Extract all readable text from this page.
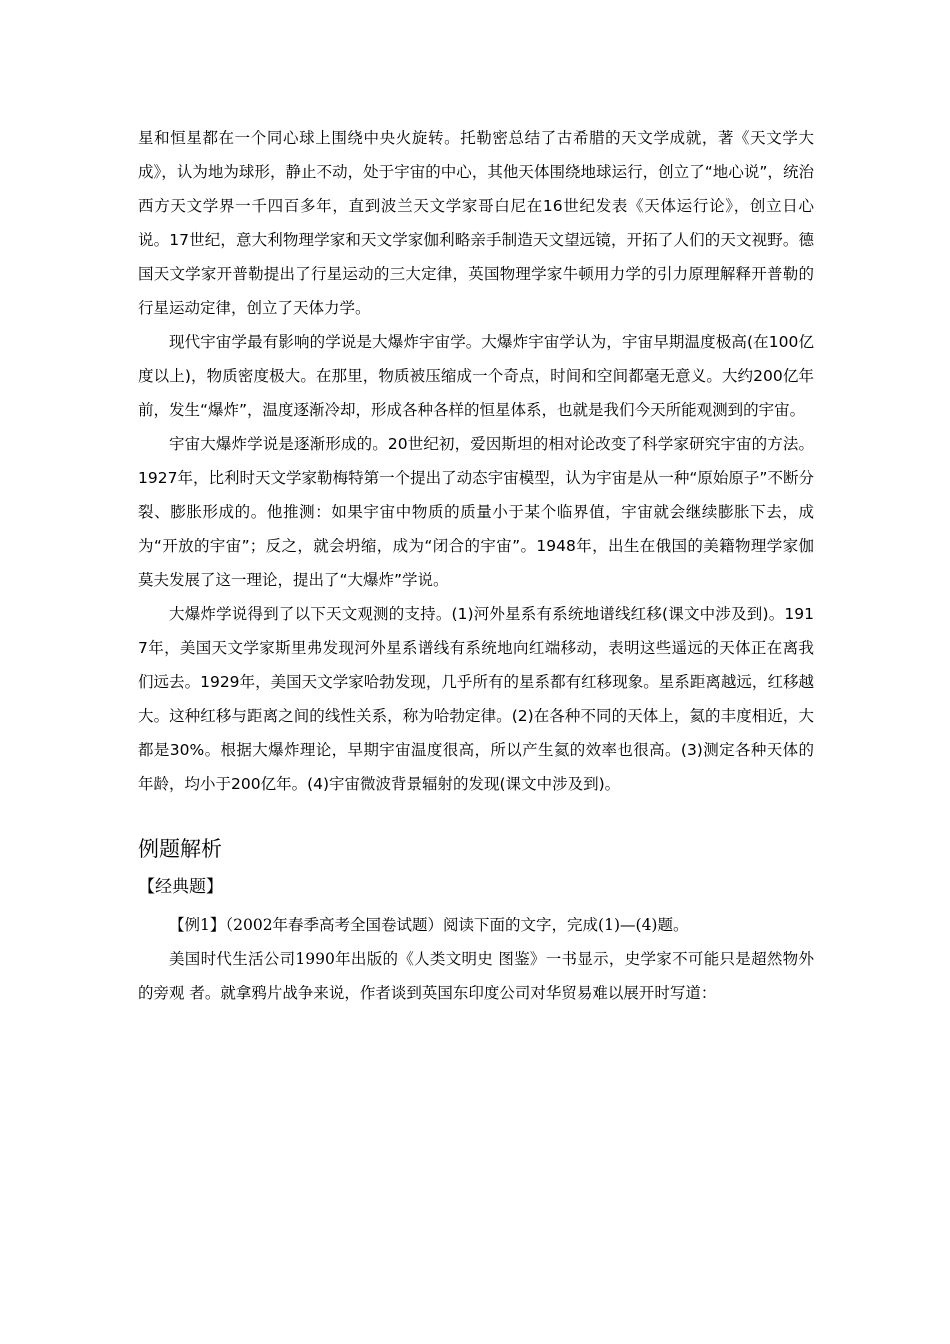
星和恒星都在一个同心球上围绕中央火旋转。托勒密总结了古希腊的天文学成就，著《天文学大成》，认为地为球形，静止不动，处于宇宙的中心，其他天体围绕地球运行，创立了“地心说”，统治西方天文学界一千四百多年，直到波兰天文学家哥白尼在16世纪发表《天体运行论》，创立日心说。17世纪，意大利物理学家和天文学家伽利略亲手制造天文望远镜，开拓了人们的天文视野。德国天文学家开普勒提出了行星运动的三大定律，英国物理学家牛顿用力学的引力原理解释开普勒的行星运动定律，创立了天体力学。

现代宇宙学最有影响的学说是大爆炸宇宙学。大爆炸宇宙学认为，宇宙早期温度极高(在100亿度以上)，物质密度极大。在那里，物质被压缩成一个奇点，时间和空间都毫无意义。大约200亿年前，发生“爆炸”，温度逐渐冷却，形成各种各样的恒星体系，也就是我们今天所能观测到的宇宙。

宇宙大爆炸学说是逐渐形成的。20世纪初，爱因斯坦的相对论改变了科学家研究宇宙的方法。1927年，比利时天文学家勒梅特第一个提出了动态宇宙模型，认为宇宙是从一种“原始原子”不断分裂、膨胀形成的。他推测：如果宇宙中物质的质量小于某个临界值，宇宙就会继续膨胀下去，成为“开放的宇宙”；反之，就会坍缩，成为“闭合的宇宙”。1948年，出生在俄国的美籍物理学家伽莫夫发展了这一理论，提出了“大爆炸”学说。

大爆炸学说得到了以下天文观测的支持。(1)河外星系有系统地谱线红移(课文中涉及到)。1917年，美国天文学家斯里弗发现河外星系谱线有系统地向红端移动，表明这些遥远的天体正在离我们远去。1929年，美国天文学家哈勃发现，几乎所有的星系都有红移现象。星系距离越远，红移越大。这种红移与距离之间的线性关系，称为哈勃定律。(2)在各种不同的天体上，氦的丰度相近，大都是30%。根据大爆炸理论，早期宇宙温度很高，所以产生氦的效率也很高。(3)测定各种天体的年龄，均小于200亿年。(4)宇宙微波背景辐射的发现(课文中涉及到)。

例题解析
【经典题】

【例1】（2002年春季高考全国卷试题）阅读下面的文字，完成(1)—(4)题。

美国时代生活公司1990年出版的《人类文明史 图鉴》一书显示，史学家不可能只是超然物外的旁观 者。就拿鸦片战争来说，作者谈到英国东印度公司对华贸易难以展开时写道：
